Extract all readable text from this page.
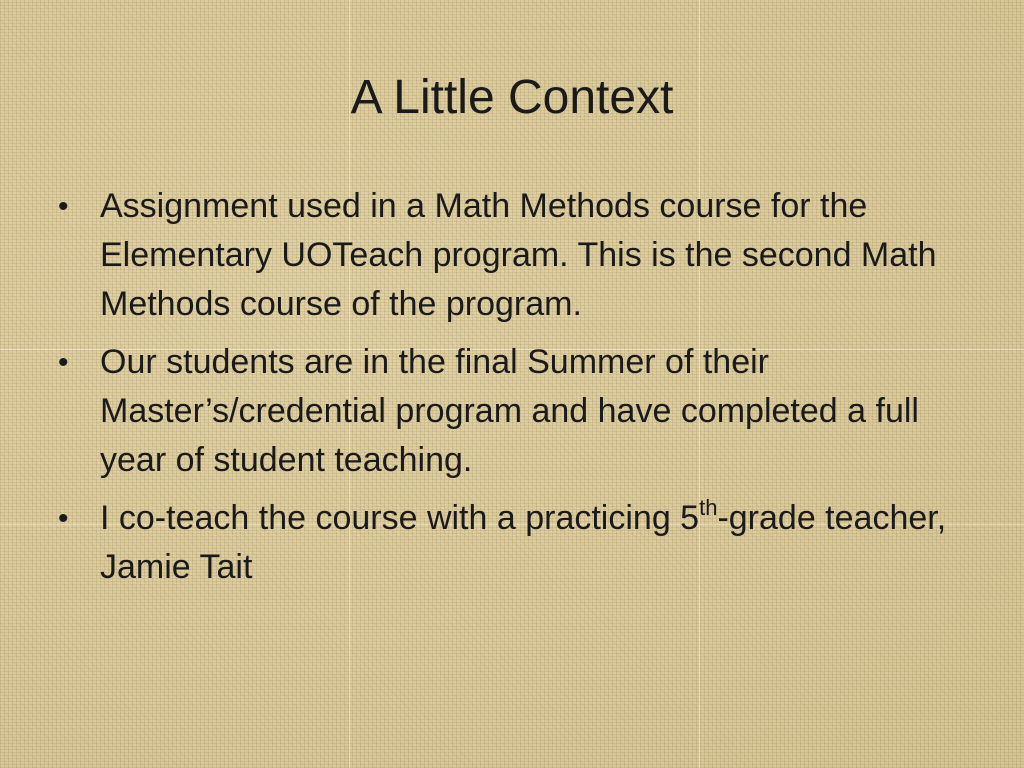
A Little Context
• Assignment used in a Math Methods course for the Elementary UOTeach program. This is the second Math Methods course of the program.
• Our students are in the final Summer of their Master’s/credential program and have completed a full year of student teaching.
• I co-teach the course with a practicing 5th-grade teacher, Jamie Tait
